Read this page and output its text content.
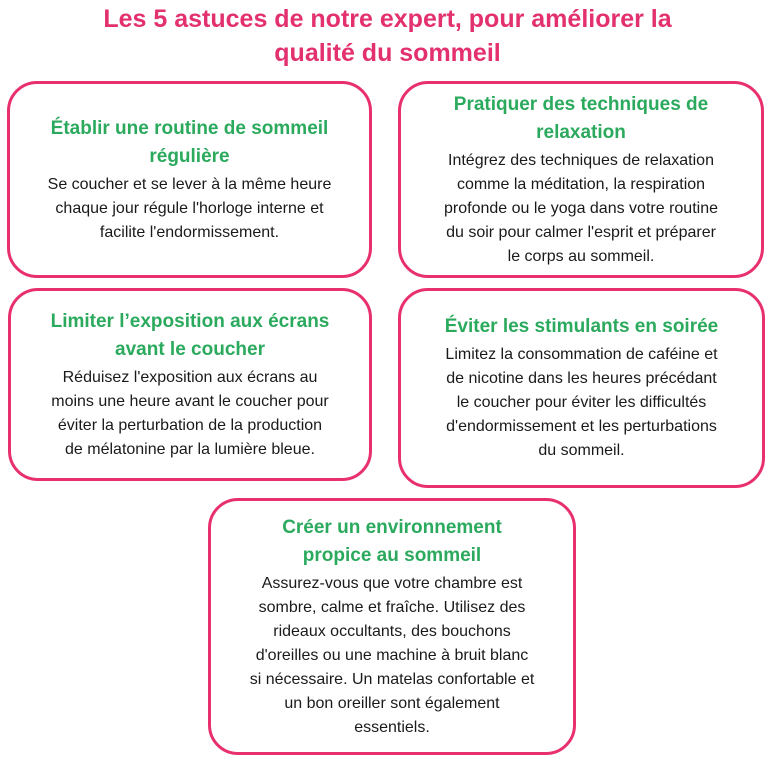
Les 5 astuces de notre expert, pour améliorer la
qualité du sommeil
Établir une routine de sommeil
régulière

Se coucher et se lever à la même heure
chaque jour régule l'horloge interne et
facilite l'endormissement.

Pratiquer des techniques de
relaxation

Intégrez des techniques de relaxation
comme la méditation, la respiration
profonde ou le yoga dans votre routine
du soir pour calmer l'esprit et préparer
le corps au sommeil.

Limiter l’exposition aux écrans
avant le coucher

Réduisez l'exposition aux écrans au
moins une heure avant le coucher pour
éviter la perturbation de la production
de mélatonine par la lumière bleue.

Éviter les stimulants en soirée

Limitez la consommation de caféine et
de nicotine dans les heures précédant
le coucher pour éviter les difficultés
d'endormissement et les perturbations
du sommeil.

Créer un environnement
propice au sommeil

Assurez-vous que votre chambre est
sombre, calme et fraîche. Utilisez des
rideaux occultants, des bouchons
d'oreilles ou une machine à bruit blanc
si nécessaire. Un matelas confortable et
un bon oreiller sont également
essentiels.
